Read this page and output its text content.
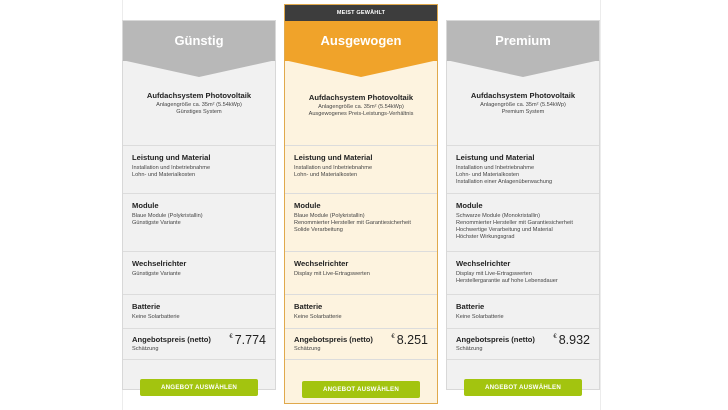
Günstig
Aufdachsystem Photovoltaik
Anlagengröße ca. 35m² (5.54kWp)
Günstiges System
Leistung und Material
Installation und Inbetriebnahme
Lohn- und Materialkosten
Module
Blaue Module (Polykristallin)
Günstigste Variante
Wechselrichter
Günstigste Variante
Batterie
Keine Solarbatterie
Angebotspreis (netto)
Schätzung
€ 7.774
ANGEBOT AUSWÄHLEN
MEIST GEWÄHLT
Ausgewogen
Aufdachsystem Photovoltaik
Anlagengröße ca. 35m² (5.54kWp)
Ausgewogenes Preis-Leistungs-Verhältnis
Leistung und Material
Installation und Inbetriebnahme
Lohn- und Materialkosten
Module
Blaue Module (Polykristallin)
Renommierter Hersteller mit Garantiesicherheit
Solide Verarbeitung
Wechselrichter
Display mit Live-Ertragswerten
Batterie
Keine Solarbatterie
Angebotspreis (netto)
Schätzung
€ 8.251
ANGEBOT AUSWÄHLEN
Premium
Aufdachsystem Photovoltaik
Anlagengröße ca. 35m² (5.54kWp)
Premium System
Leistung und Material
Installation und Inbetriebnahme
Lohn- und Materialkosten
Installation einer Anlagenüberwachung
Module
Schwarze Module (Monokristallin)
Renommierter Hersteller mit Garantiesicherheit
Hochwertige Verarbeitung und Material
Höchster Wirkungsgrad
Wechselrichter
Display mit Live-Ertragswerten
Herstellergarantie auf hohe Lebensdauer
Batterie
Keine Solarbatterie
Angebotspreis (netto)
Schätzung
€ 8.932
ANGEBOT AUSWÄHLEN
